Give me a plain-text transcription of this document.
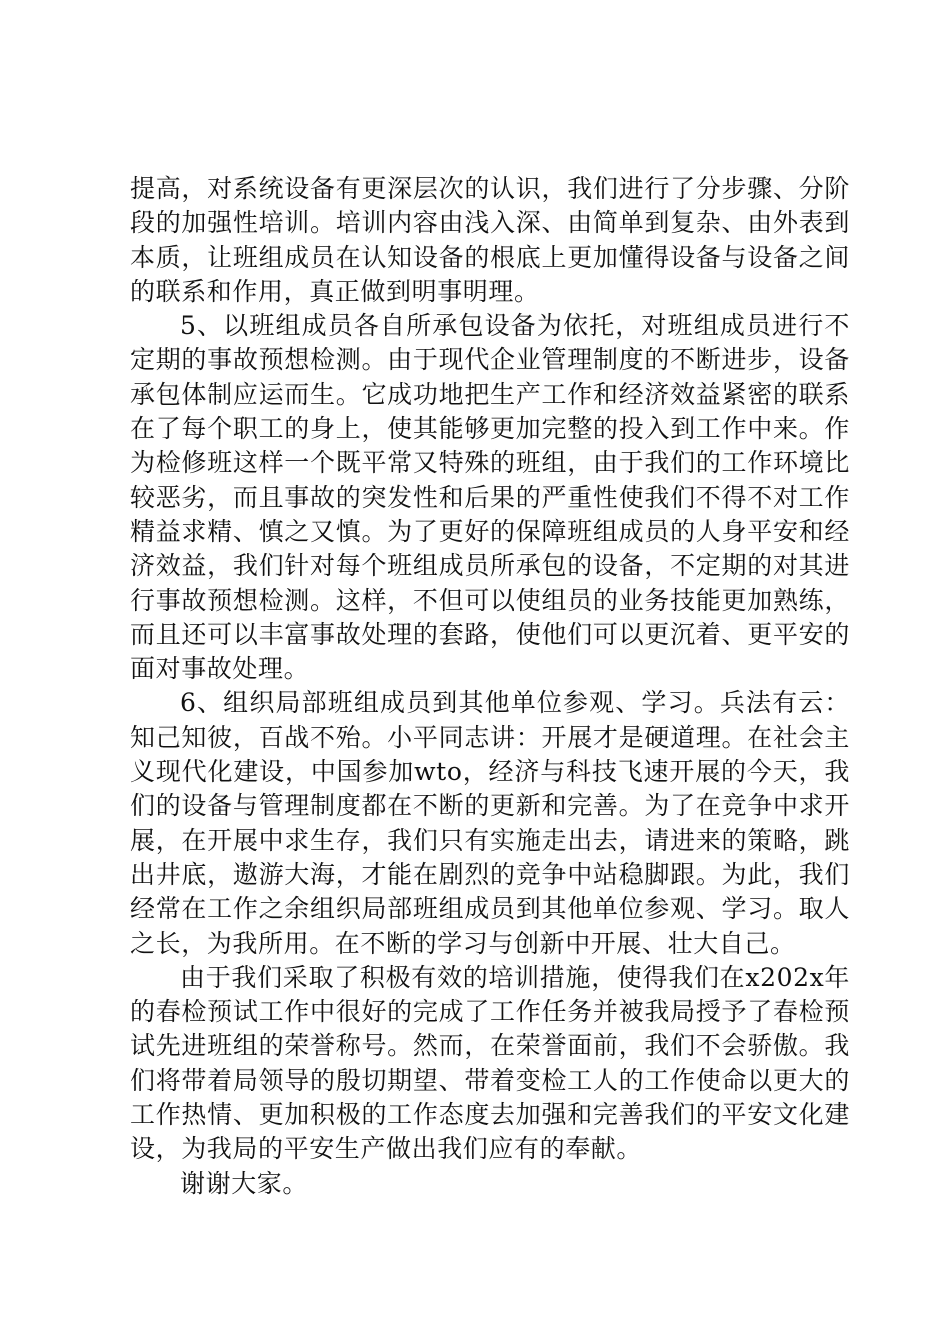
提高，对系统设备有更深层次的认识，我们进行了分步骤、分阶段的加强性培训。培训内容由浅入深、由简单到复杂、由外表到本质，让班组成员在认知设备的根底上更加懂得设备与设备之间的联系和作用，真正做到明事明理。

5、以班组成员各自所承包设备为依托，对班组成员进行不定期的事故预想检测。由于现代企业管理制度的不断进步，设备承包体制应运而生。它成功地把生产工作和经济效益紧密的联系在了每个职工的身上，使其能够更加完整的投入到工作中来。作为检修班这样一个既平常又特殊的班组，由于我们的工作环境比较恶劣，而且事故的突发性和后果的严重性使我们不得不对工作精益求精、慎之又慎。为了更好的保障班组成员的人身平安和经济效益，我们针对每个班组成员所承包的设备，不定期的对其进行事故预想检测。这样，不但可以使组员的业务技能更加熟练，而且还可以丰富事故处理的套路，使他们可以更沉着、更平安的面对事故处理。

6、组织局部班组成员到其他单位参观、学习。兵法有云：知己知彼，百战不殆。小平同志讲：开展才是硬道理。在社会主义现代化建设，中国参加wto，经济与科技飞速开展的今天，我们的设备与管理制度都在不断的更新和完善。为了在竞争中求开展，在开展中求生存，我们只有实施走出去，请进来的策略，跳出井底，遨游大海，才能在剧烈的竞争中站稳脚跟。为此，我们经常在工作之余组织局部班组成员到其他单位参观、学习。取人之长，为我所用。在不断的学习与创新中开展、壮大自己。

由于我们采取了积极有效的培训措施，使得我们在x202x年的春检预试工作中很好的完成了工作任务并被我局授予了春检预试先进班组的荣誉称号。然而，在荣誉面前，我们不会骄傲。我们将带着局领导的殷切期望、带着变检工人的工作使命以更大的工作热情、更加积极的工作态度去加强和完善我们的平安文化建设，为我局的平安生产做出我们应有的奉献。

谢谢大家。
